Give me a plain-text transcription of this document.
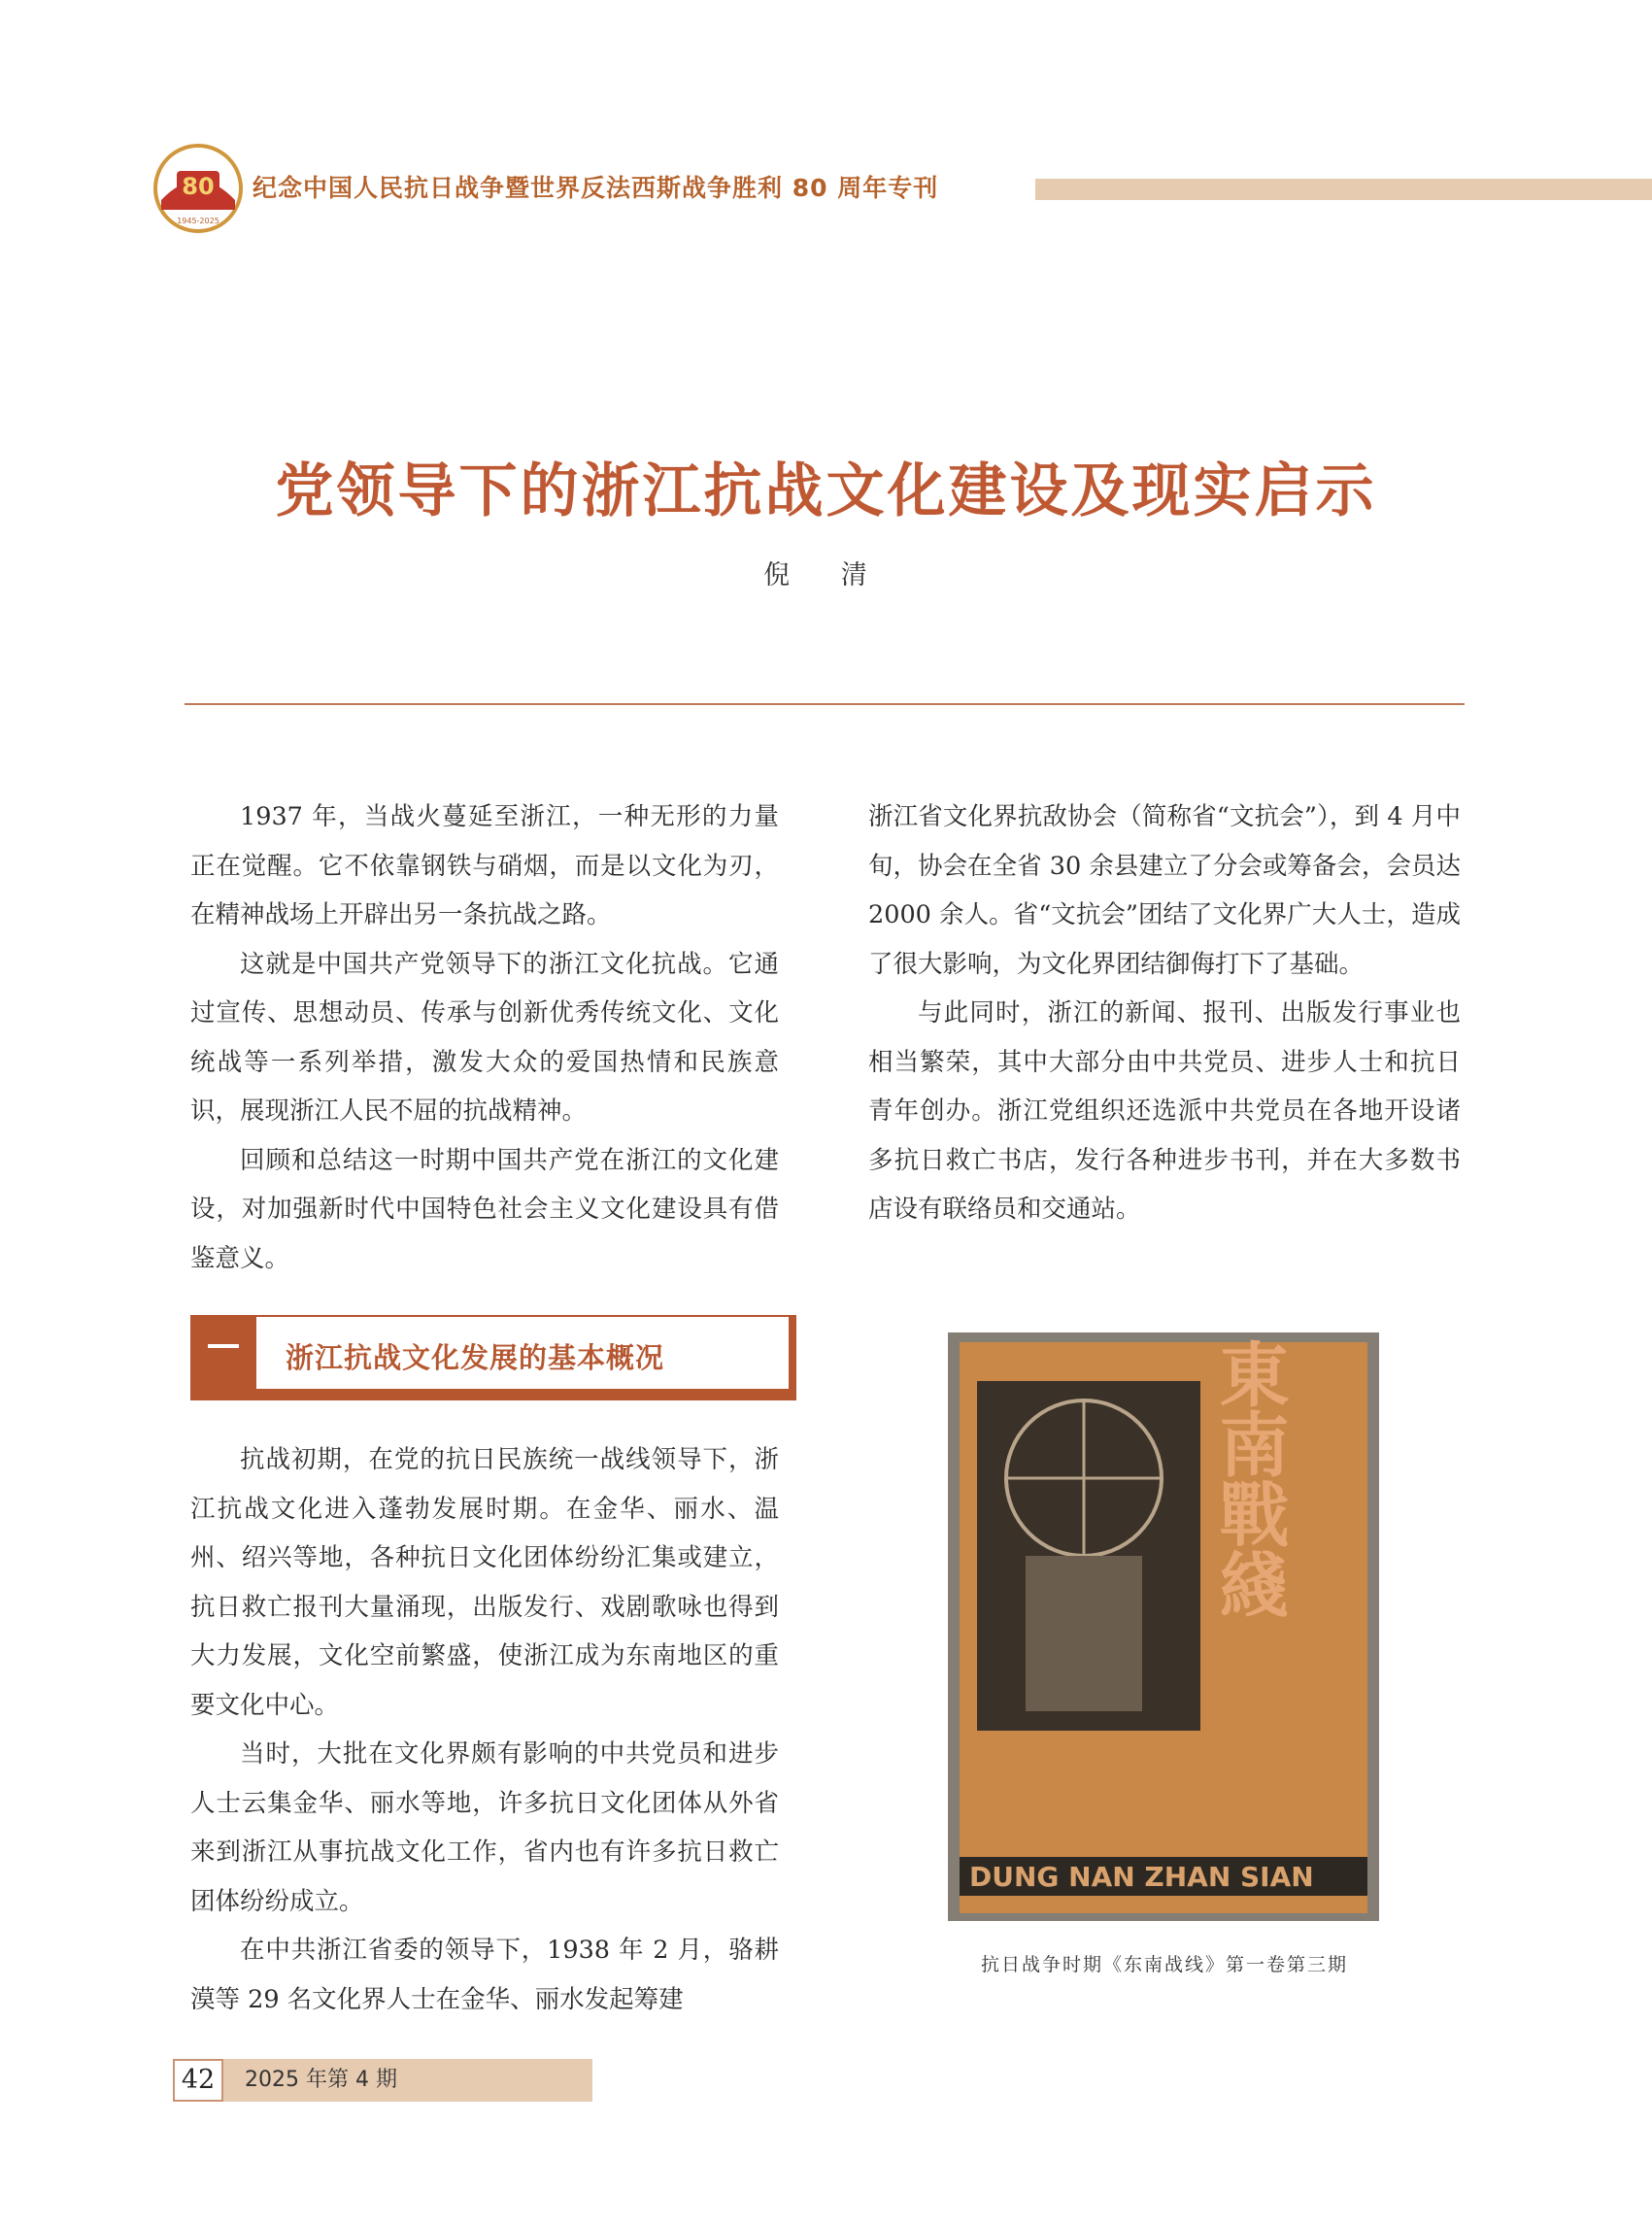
80
1945-2025
纪念中国人民抗日战争暨世界反法西斯战争胜利 80 周年专刊
党领导下的浙江抗战文化建设及现实启示
倪 清

1937 年，当战火蔓延至浙江，一种无形的力量正在觉醒。它不依靠钢铁与硝烟，而是以文化为刃，在精神战场上开辟出另一条抗战之路。

这就是中国共产党领导下的浙江文化抗战。它通过宣传、思想动员、传承与创新优秀传统文化、文化统战等一系列举措，激发大众的爱国热情和民族意识，展现浙江人民不屈的抗战精神。

回顾和总结这一时期中国共产党在浙江的文化建设，对加强新时代中国特色社会主义文化建设具有借鉴意义。

浙江抗战文化发展的基本概况

抗战初期，在党的抗日民族统一战线领导下，浙江抗战文化进入蓬勃发展时期。在金华、丽水、温州、绍兴等地，各种抗日文化团体纷纷汇集或建立，抗日救亡报刊大量涌现，出版发行、戏剧歌咏也得到大力发展，文化空前繁盛，使浙江成为东南地区的重要文化中心。

当时，大批在文化界颇有影响的中共党员和进步人士云集金华、丽水等地，许多抗日文化团体从外省来到浙江从事抗战文化工作，省内也有许多抗日救亡团体纷纷成立。

在中共浙江省委的领导下，1938 年 2 月，骆耕漠等 29 名文化界人士在金华、丽水发起筹建

浙江省文化界抗敌协会（简称省“文抗会”），到 4 月中旬，协会在全省 30 余县建立了分会或筹备会，会员达 2000 余人。省“文抗会”团结了文化界广大人士，造成了很大影响，为文化界团结御侮打下了基础。

与此同时，浙江的新闻、报刊、出版发行事业也相当繁荣，其中大部分由中共党员、进步人士和抗日青年创办。浙江党组织还选派中共党员在各地开设诸多抗日救亡书店，发行各种进步书刊，并在大多数书店设有联络员和交通站。

東南戰綫
DUNG NAN ZHAN SIAN
抗日战争时期《东南战线》第一卷第三期
42	2025 年第 4 期
